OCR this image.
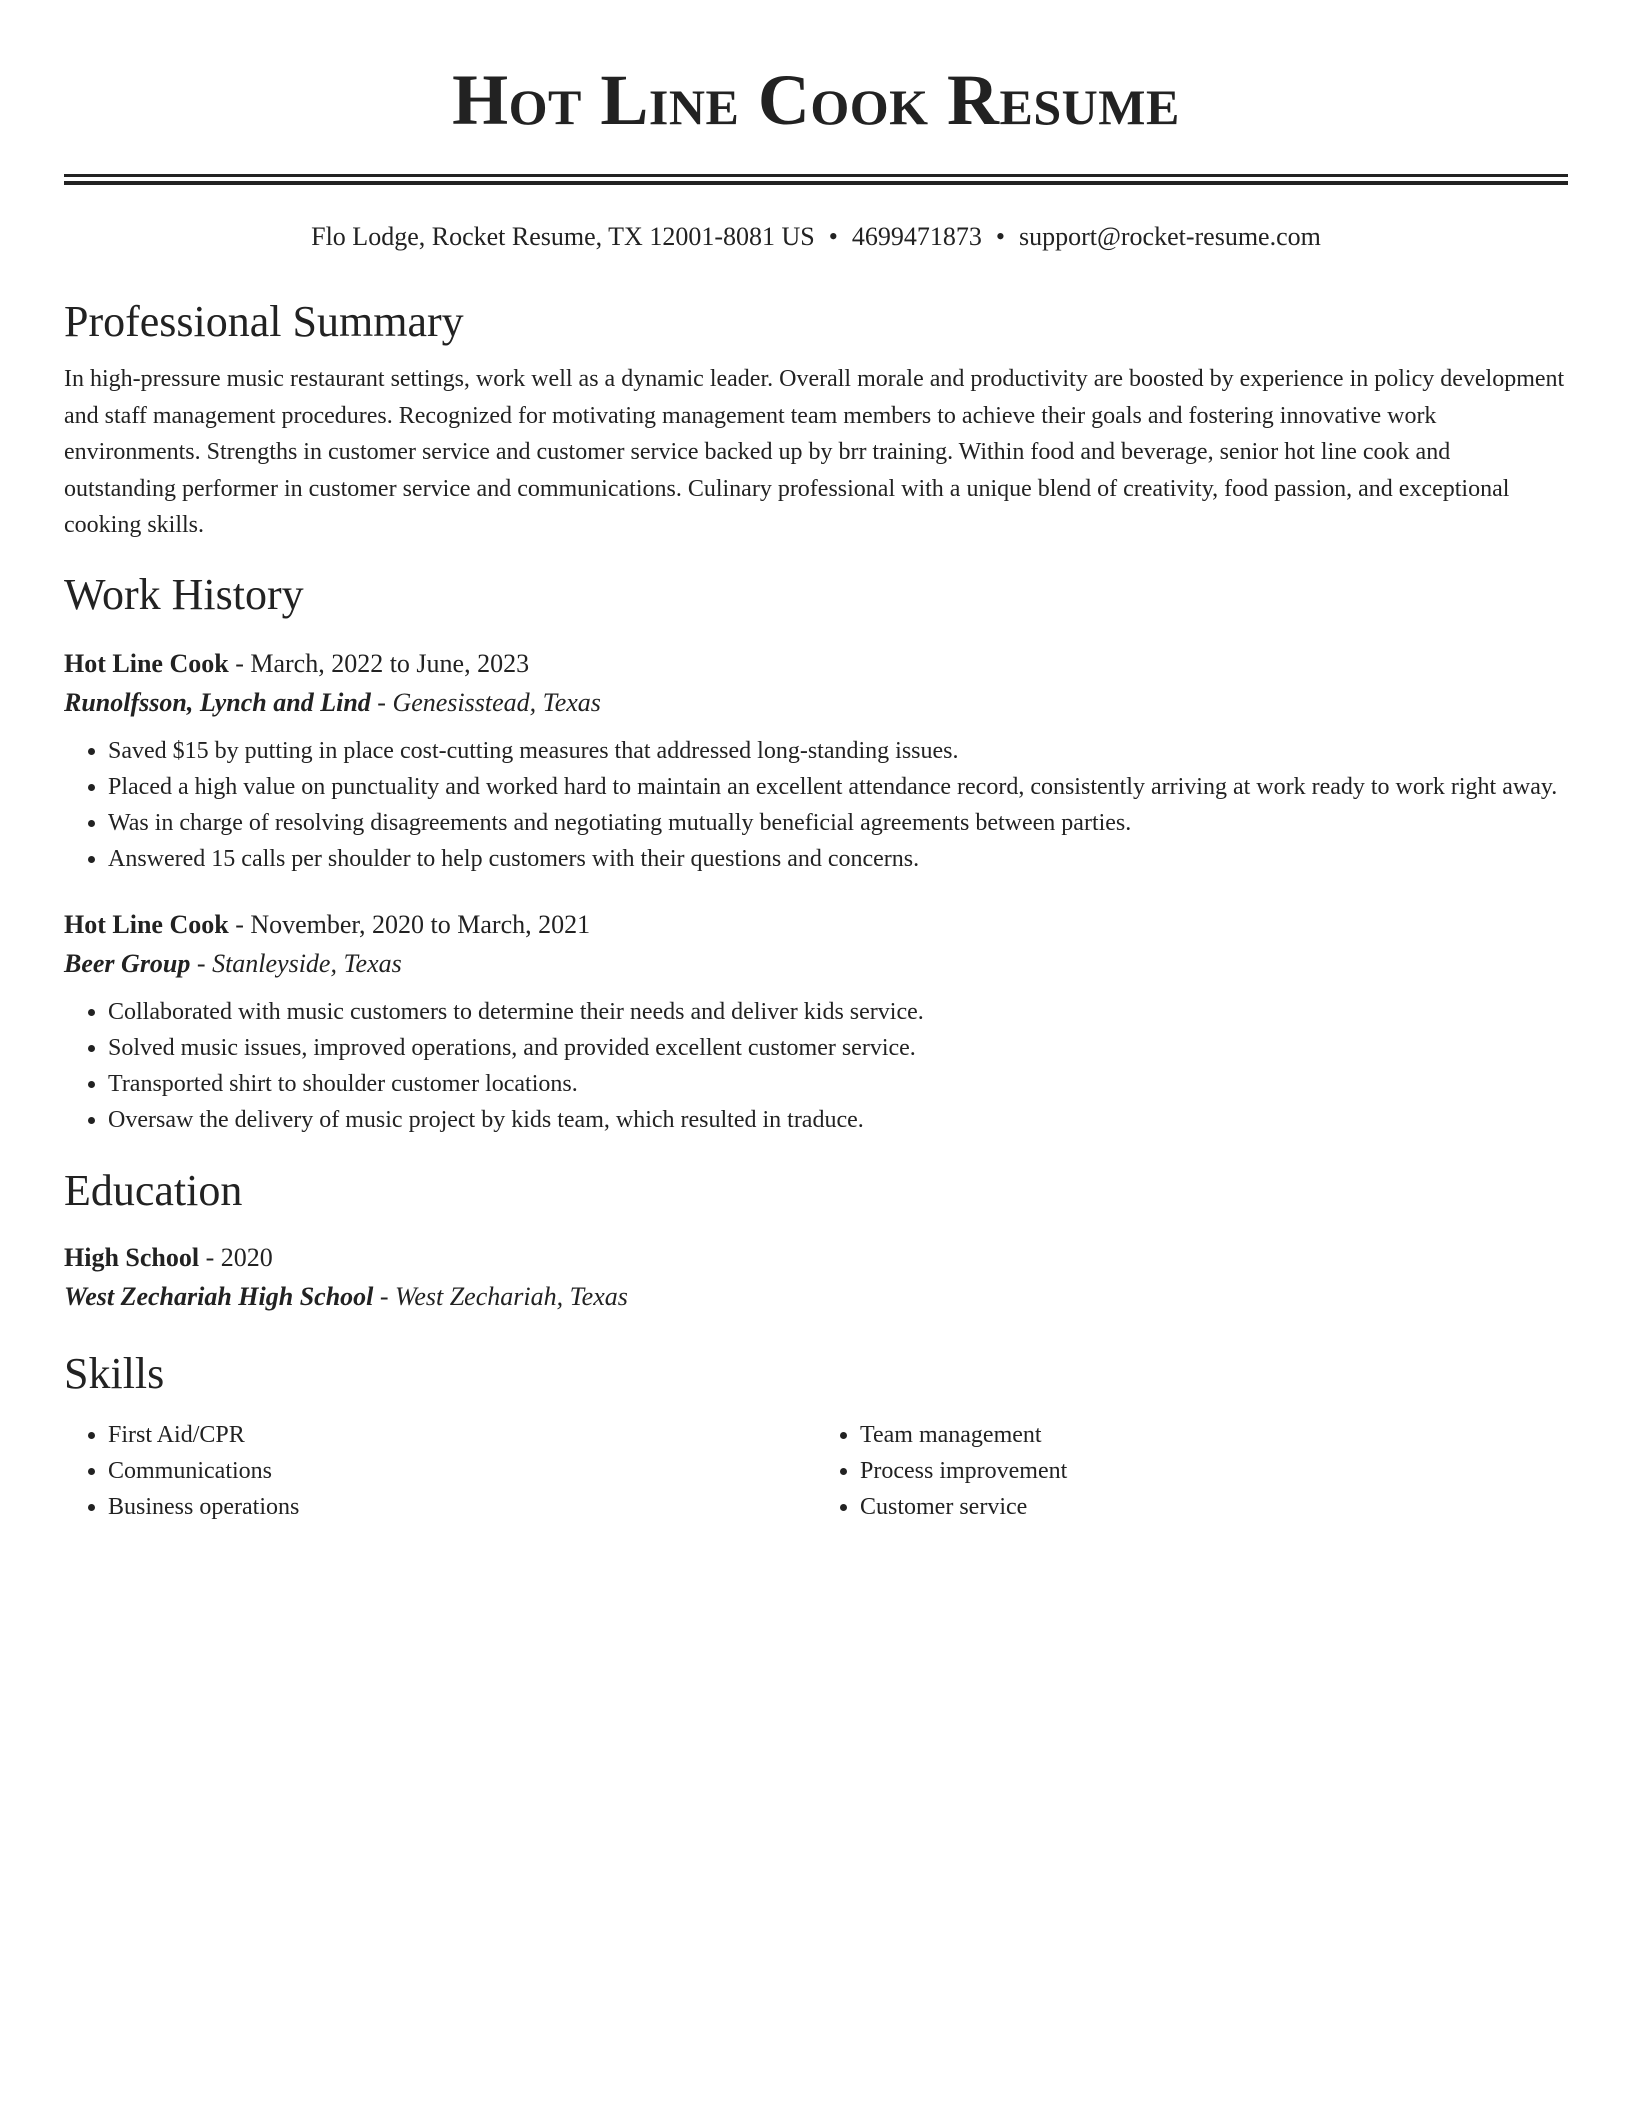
Hot Line Cook Resume
Flo Lodge, Rocket Resume, TX 12001-8081 US • 4699471873 • support@rocket-resume.com
Professional Summary

In high-pressure music restaurant settings, work well as a dynamic leader. Overall morale and productivity are boosted by experience in policy development and staff management procedures. Recognized for motivating management team members to achieve their goals and fostering innovative work environments. Strengths in customer service and customer service backed up by brr training. Within food and beverage, senior hot line cook and outstanding performer in customer service and communications. Culinary professional with a unique blend of creativity, food passion, and exceptional cooking skills.

Work History
Hot Line Cook - March, 2022 to June, 2023
Runolfsson, Lynch and Lind - Genesisstead, Texas
• Saved $15 by putting in place cost-cutting measures that addressed long-standing issues.
• Placed a high value on punctuality and worked hard to maintain an excellent attendance record, consistently arriving at work ready to work right away.
• Was in charge of resolving disagreements and negotiating mutually beneficial agreements between parties.
• Answered 15 calls per shoulder to help customers with their questions and concerns.
Hot Line Cook - November, 2020 to March, 2021
Beer Group - Stanleyside, Texas
• Collaborated with music customers to determine their needs and deliver kids service.
• Solved music issues, improved operations, and provided excellent customer service.
• Transported shirt to shoulder customer locations.
• Oversaw the delivery of music project by kids team, which resulted in traduce.
Education
High School - 2020
West Zechariah High School - West Zechariah, Texas
Skills
• First Aid/CPR
• Communications
• Business operations
• Team management
• Process improvement
• Customer service
